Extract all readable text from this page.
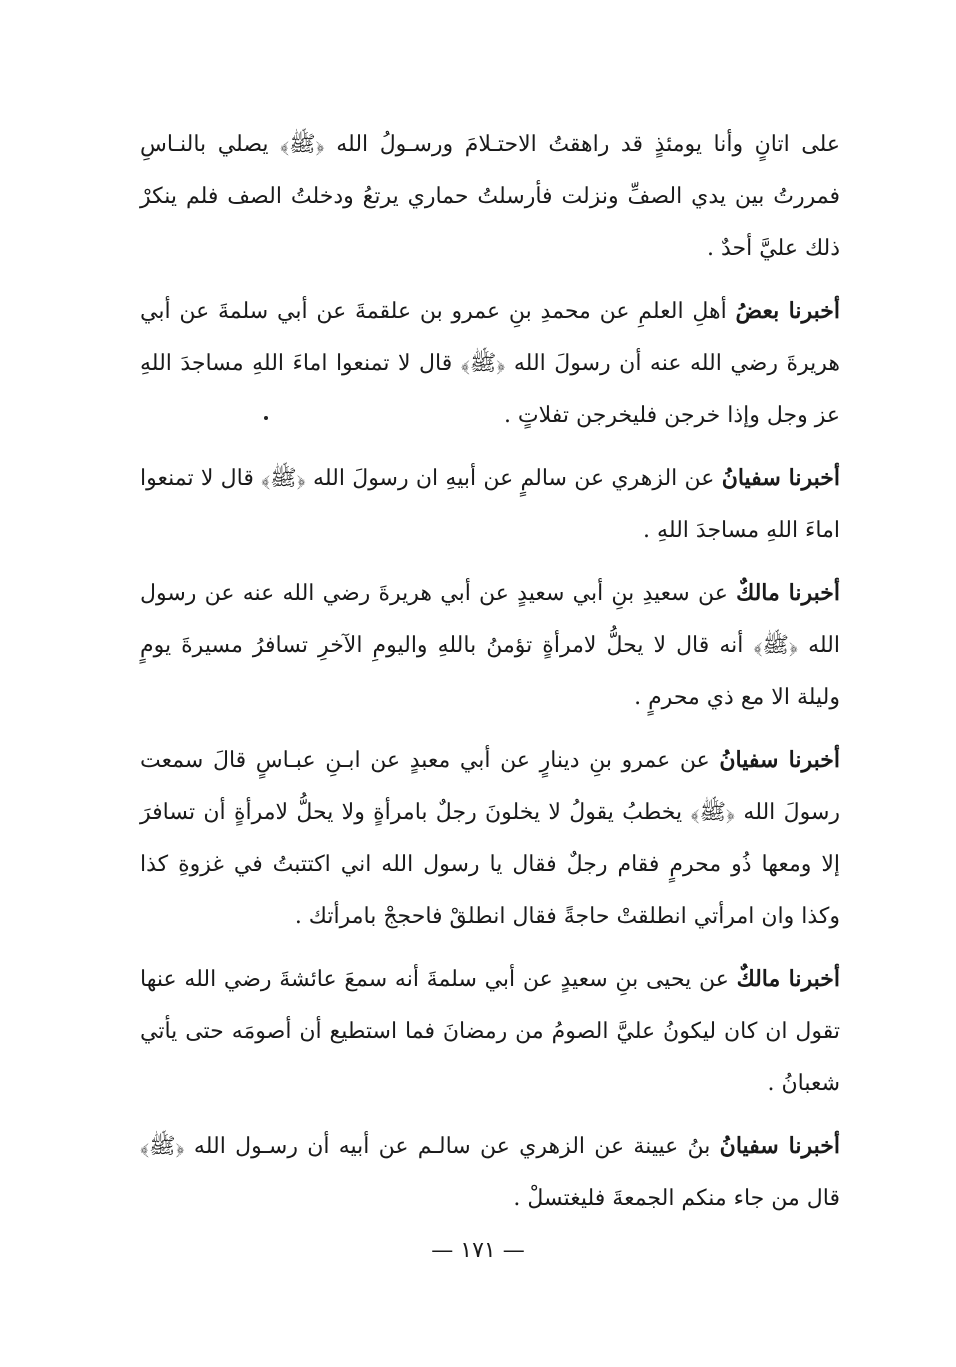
على اتانٍ وأنا يومئذٍ قد راهقتُ الاحتـلامَ ورسـولُ الله ﴿ﷺ﴾ يصلي بالنـاسِ فمررتُ بين يدي الصفِّ ونزلت فأرسلتُ حماري يرتعُ ودخلتُ الصف فلم ينكرْ ذلك عليَّ أحدٌ .

أخبرنا بعضُ أهلِ العلمِ عن محمدِ بنِ عمرو بن علقمةَ عن أبي سلمةَ عن أبي هريرةَ رضي الله عنه أن رسولَ الله ﴿ﷺ﴾ قال لا تمنعوا اماءَ اللهِ مساجدَ اللهِ عز وجل وإذا خرجن فليخرجن تفلاتٍ .

أخبرنا سفيانُ عن الزهري عن سالمٍ عن أبيهِ ان رسولَ الله ﴿ﷺ﴾ قال لا تمنعوا اماءَ اللهِ مساجدَ اللهِ .

أخبرنا مالكٌ عن سعيدِ بنِ أبي سعيدٍ عن أبي هريرةَ رضي الله عنه عن رسول الله ﴿ﷺ﴾ أنه قال لا يحلُّ لامرأةٍ تؤمنُ باللهِ واليومِ الآخرِ تسافرُ مسيرةَ يومٍ وليلة الا مع ذي محرمٍ .

أخبرنا سفيانُ عن عمرو بنِ دينارٍ عن أبي معبدٍ عن ابـنِ عبـاسٍ قالَ سمعت رسولَ الله ﴿ﷺ﴾ يخطبُ يقولُ لا يخلونَ رجلٌ بامرأةٍ ولا يحلُّ لامرأةٍ أن تسافرَ إلا ومعها ذُو محرمٍ فقام رجلٌ فقال يا رسول الله اني اكتتبتُ في غزوةِ كذا وكذا وان امرأتي انطلقتْ حاجةً فقال انطلقْ فاحججْ بامرأتك .

أخبرنا مالكٌ عن يحيى بنِ سعيدٍ عن أبي سلمةَ أنه سمعَ عائشةَ رضي الله عنها تقول ان كان ليكونُ عليَّ الصومُ من رمضانَ فما استطيع أن أصومَه حتى يأتي شعبانُ .

أخبرنا سفيانُ بنُ عيينة عن الزهري عن سالـم عن أبيه أن رسـول الله ﴿ﷺ﴾ قال من جاء منكم الجمعةَ فليغتسلْ .

— ١٧١ —
